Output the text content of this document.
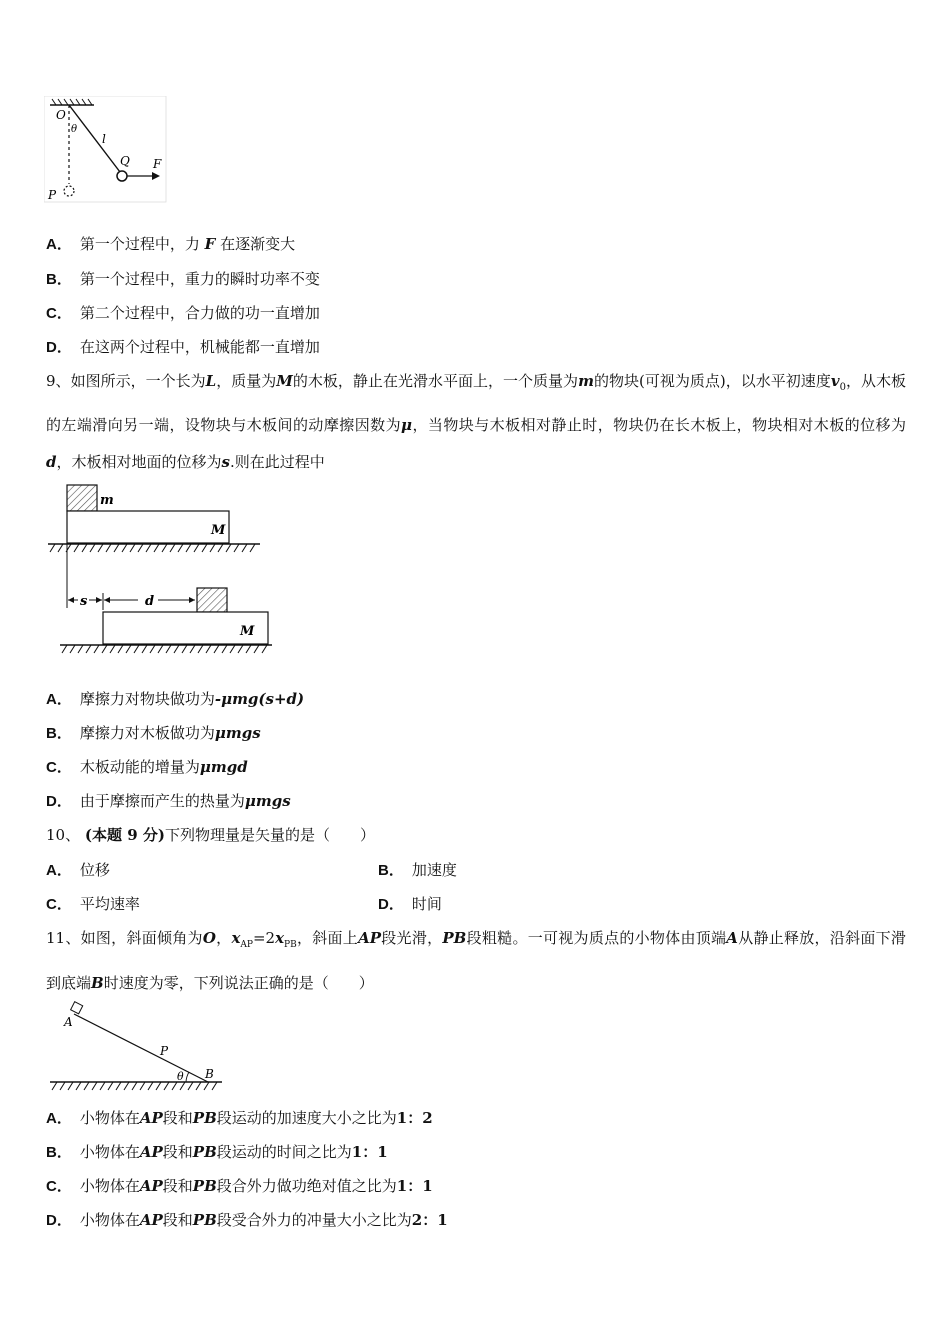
O
θ
l
Q F
P
A． 第一个过程中，力 F 在逐渐变大
B． 第一个过程中，重力的瞬时功率不变
C． 第二个过程中，合力做的功一直增加
D． 在这两个过程中，机械能都一直增加
9、如图所示，一个长为L，质量为M的木板，静止在光滑水平面上，一个质量为m的物块(可视为质点)，以水平初速度$v_0$，从木板的左端滑向另一端，设物块与木板间的动摩擦因数为μ，当物块与木板相对静止时，物块仍在长木板上，物块相对木板的位移为d，木板相对地面的位移为s.则在此过程中
m
M
s	d
M
A． 摩擦力对物块做功为-μmg(s+d)
B． 摩擦力对木板做功为μmgs
C． 木板动能的增量为μmgd
D． 由于摩擦而产生的热量为μmgs
10、 (本题 9 分)下列物理量是矢量的是（　　）
A． 位移	B． 加速度
C． 平均速率	D． 时间
11、如图，斜面倾角为O，$x_{AP}=2x_{PB}$，斜面上AP段光滑，PB段粗糙。一可视为质点的小物体由顶端A从静止释放，沿斜面下滑到底端B时速度为零，下列说法正确的是（　　）
A
P
θ B
A． 小物体在AP段和PB段运动的加速度大小之比为1：2
B． 小物体在AP段和PB段运动的时间之比为1：1
C． 小物体在AP段和PB段合外力做功绝对值之比为1：1
D． 小物体在AP段和PB段受合外力的冲量大小之比为2：1
